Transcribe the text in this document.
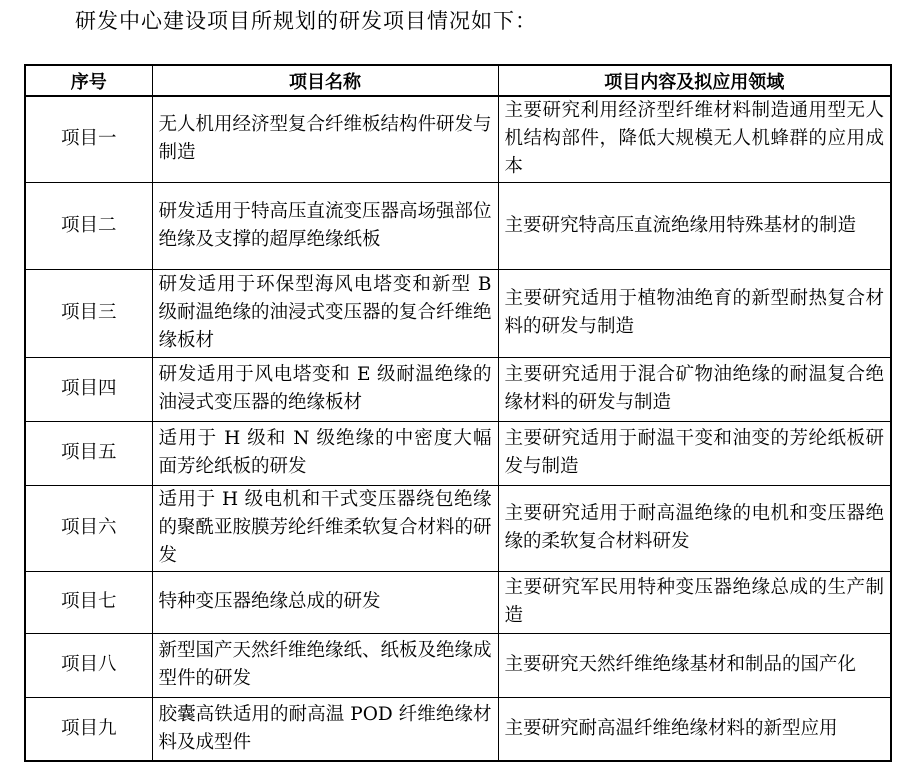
研发中心建设项目所规划的研发项目情况如下：
序号	项目名称	项目内容及拟应用领域
项目一	无人机用经济型复合纤维板结构件研发与制造	主要研究利用经济型纤维材料制造通用型无人机结构部件，降低大规模无人机蜂群的应用成本
项目二	研发适用于特高压直流变压器高场强部位绝缘及支撑的超厚绝缘纸板	主要研究特高压直流绝缘用特殊基材的制造
项目三	研发适用于环保型海风电塔变和新型 B 级耐温绝缘的油浸式变压器的复合纤维绝缘板材	主要研究适用于植物油绝育的新型耐热复合材料的研发与制造
项目四	研发适用于风电塔变和 E 级耐温绝缘的油浸式变压器的绝缘板材	主要研究适用于混合矿物油绝缘的耐温复合绝缘材料的研发与制造
项目五	适用于 H 级和 N 级绝缘的中密度大幅面芳纶纸板的研发	主要研究适用于耐温干变和油变的芳纶纸板研发与制造
项目六	适用于 H 级电机和干式变压器绕包绝缘的聚酰亚胺膜芳纶纤维柔软复合材料的研发	主要研究适用于耐高温绝缘的电机和变压器绝缘的柔软复合材料研发
项目七	特种变压器绝缘总成的研发	主要研究军民用特种变压器绝缘总成的生产制造
项目八	新型国产天然纤维绝缘纸、纸板及绝缘成型件的研发	主要研究天然纤维绝缘基材和制品的国产化
项目九	胶囊高铁适用的耐高温 POD 纤维绝缘材料及成型件	主要研究耐高温纤维绝缘材料的新型应用
